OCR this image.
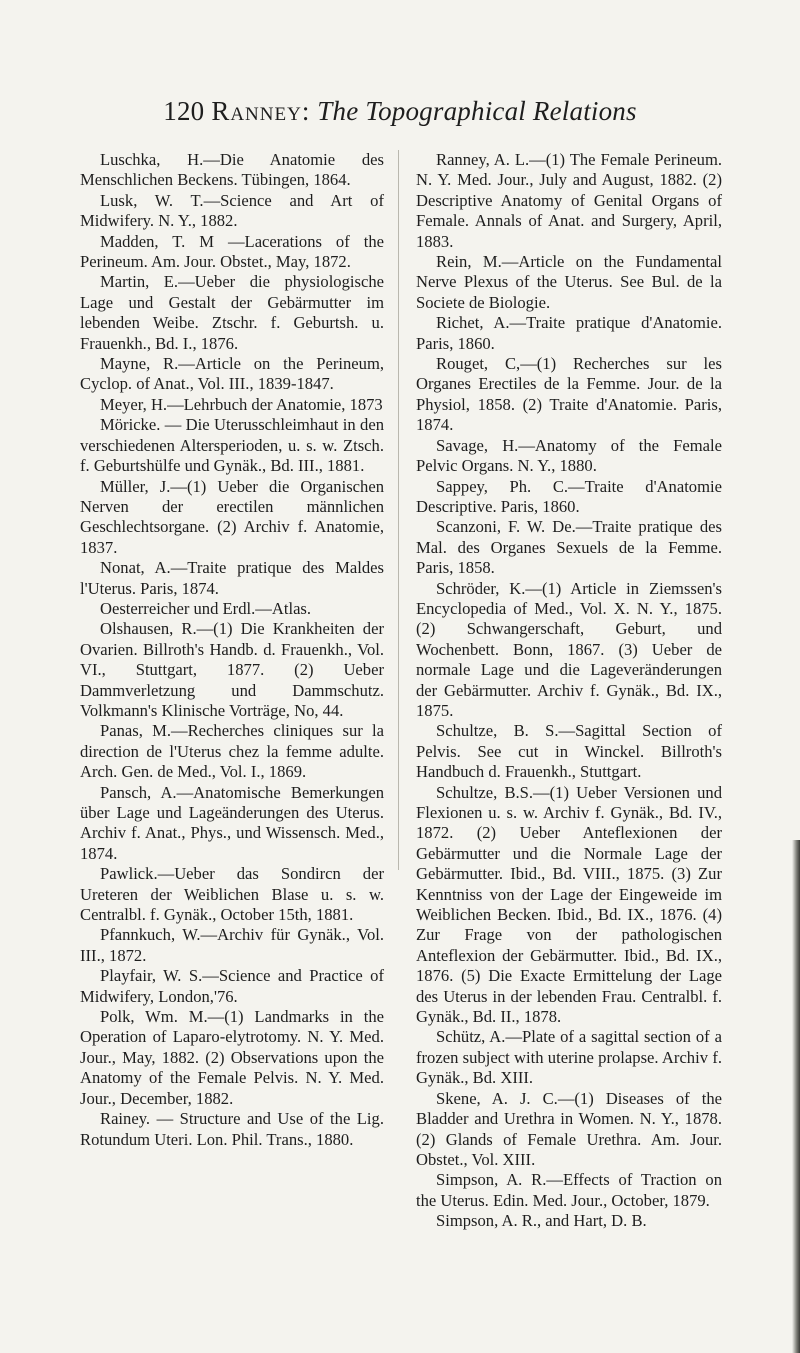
120 Ranney: The Topographical Relations

Luschka, H.—Die Anatomie des Menschlichen Beckens. Tübingen, 1864.

Lusk, W. T.—Science and Art of Midwifery. N. Y., 1882.

Madden, T. M —Lacerations of the Perineum. Am. Jour. Obstet., May, 1872.

Martin, E.—Ueber die physiologische Lage und Gestalt der Gebärmutter im lebenden Weibe. Ztschr. f. Geburtsh. u. Frauenkh., Bd. I., 1876.

Mayne, R.—Article on the Perineum, Cyclop. of Anat., Vol. III., 1839-1847.

Meyer, H.—Lehrbuch der Anatomie, 1873

Möricke. — Die Uterusschleimhaut in den verschiedenen Altersperioden, u. s. w. Ztsch. f. Geburtshülfe und Gynäk., Bd. III., 1881.

Müller, J.—(1) Ueber die Organischen Nerven der erectilen männlichen Geschlechtsorgane. (2) Archiv f. Anatomie, 1837.

Nonat, A.—Traite pratique des Maldes l'Uterus. Paris, 1874.

Oesterreicher und Erdl.—Atlas.

Olshausen, R.—(1) Die Krankheiten der Ovarien. Billroth's Handb. d. Frauenkh., Vol. VI., Stuttgart, 1877. (2) Ueber Dammverletzung und Dammschutz. Volkmann's Klinische Vorträge, No, 44.

Panas, M.—Recherches cliniques sur la direction de l'Uterus chez la femme adulte. Arch. Gen. de Med., Vol. I., 1869.

Pansch, A.—Anatomische Bemerkungen über Lage und Lageänderungen des Uterus. Archiv f. Anat., Phys., und Wissensch. Med., 1874.

Pawlick.—Ueber das Sondircn der Ureteren der Weiblichen Blase u. s. w. Centralbl. f. Gynäk., October 15th, 1881.

Pfannkuch, W.—Archiv für Gynäk., Vol. III., 1872.

Playfair, W. S.—Science and Practice of Midwifery, London,'76.

Polk, Wm. M.—(1) Landmarks in the Operation of Laparo-elytrotomy. N. Y. Med. Jour., May, 1882. (2) Observations upon the Anatomy of the Female Pelvis. N. Y. Med. Jour., December, 1882.

Rainey. — Structure and Use of the Lig. Rotundum Uteri. Lon. Phil. Trans., 1880.

Ranney, A. L.—(1) The Female Perineum. N. Y. Med. Jour., July and August, 1882. (2) Descriptive Anatomy of Genital Organs of Female. Annals of Anat. and Surgery, April, 1883.

Rein, M.—Article on the Fundamental Nerve Plexus of the Uterus. See Bul. de la Societe de Biologie.

Richet, A.—Traite pratique d'Anatomie. Paris, 1860.

Rouget, C,—(1) Recherches sur les Organes Erectiles de la Femme. Jour. de la Physiol, 1858. (2) Traite d'Anatomie. Paris, 1874.

Savage, H.—Anatomy of the Female Pelvic Organs. N. Y., 1880.

Sappey, Ph. C.—Traite d'Anatomie Descriptive. Paris, 1860.

Scanzoni, F. W. De.—Traite pratique des Mal. des Organes Sexuels de la Femme. Paris, 1858.

Schröder, K.—(1) Article in Ziemssen's Encyclopedia of Med., Vol. X. N. Y., 1875. (2) Schwangerschaft, Geburt, und Wochenbett. Bonn, 1867. (3) Ueber de normale Lage und die Lageveränderungen der Gebärmutter. Archiv f. Gynäk., Bd. IX., 1875.

Schultze, B. S.—Sagittal Section of Pelvis. See cut in Winckel. Billroth's Handbuch d. Frauenkh., Stuttgart.

Schultze, B.S.—(1) Ueber Versionen und Flexionen u. s. w. Archiv f. Gynäk., Bd. IV., 1872. (2) Ueber Anteflexionen der Gebärmutter und die Normale Lage der Gebärmutter. Ibid., Bd. VIII., 1875. (3) Zur Kenntniss von der Lage der Eingeweide im Weiblichen Becken. Ibid., Bd. IX., 1876. (4) Zur Frage von der pathologischen Anteflexion der Gebärmutter. Ibid., Bd. IX., 1876. (5) Die Exacte Ermittelung der Lage des Uterus in der lebenden Frau. Centralbl. f. Gynäk., Bd. II., 1878.

Schütz, A.—Plate of a sagittal section of a frozen subject with uterine prolapse. Archiv f. Gynäk., Bd. XIII.

Skene, A. J. C.—(1) Diseases of the Bladder and Urethra in Women. N. Y., 1878. (2) Glands of Female Urethra. Am. Jour. Obstet., Vol. XIII.

Simpson, A. R.—Effects of Traction on the Uterus. Edin. Med. Jour., October, 1879.

Simpson, A. R., and Hart, D. B.
